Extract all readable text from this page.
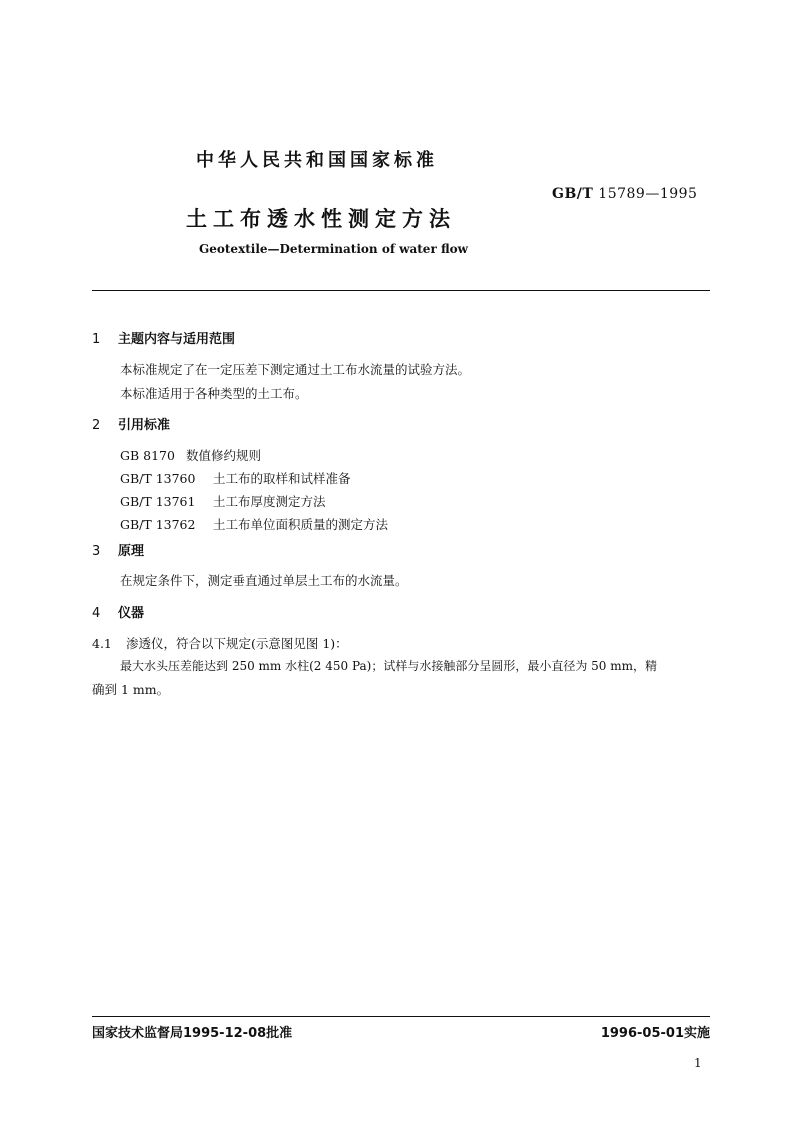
中华人民共和国国家标准
GB/T 15789—1995
土工布透水性测定方法
Geotextile—Determination of water flow
1 主题内容与适用范围
本标准规定了在一定压差下测定通过土工布水流量的试验方法。
本标准适用于各种类型的土工布。
2 引用标准
GB 8170 数值修约规则
GB/T 13760 土工布的取样和试样准备
GB/T 13761 土工布厚度测定方法
GB/T 13762 土工布单位面积质量的测定方法
3 原理
在规定条件下，测定垂直通过单层土工布的水流量。
4 仪器
4.1 渗透仪，符合以下规定(示意图见图 1)：
最大水头压差能达到 250 mm 水柱(2 450 Pa)；试样与水接触部分呈圆形，最小直径为 50 mm，精
确到 1 mm。
国家技术监督局1995-12-08批准	1996-05-01实施
1
